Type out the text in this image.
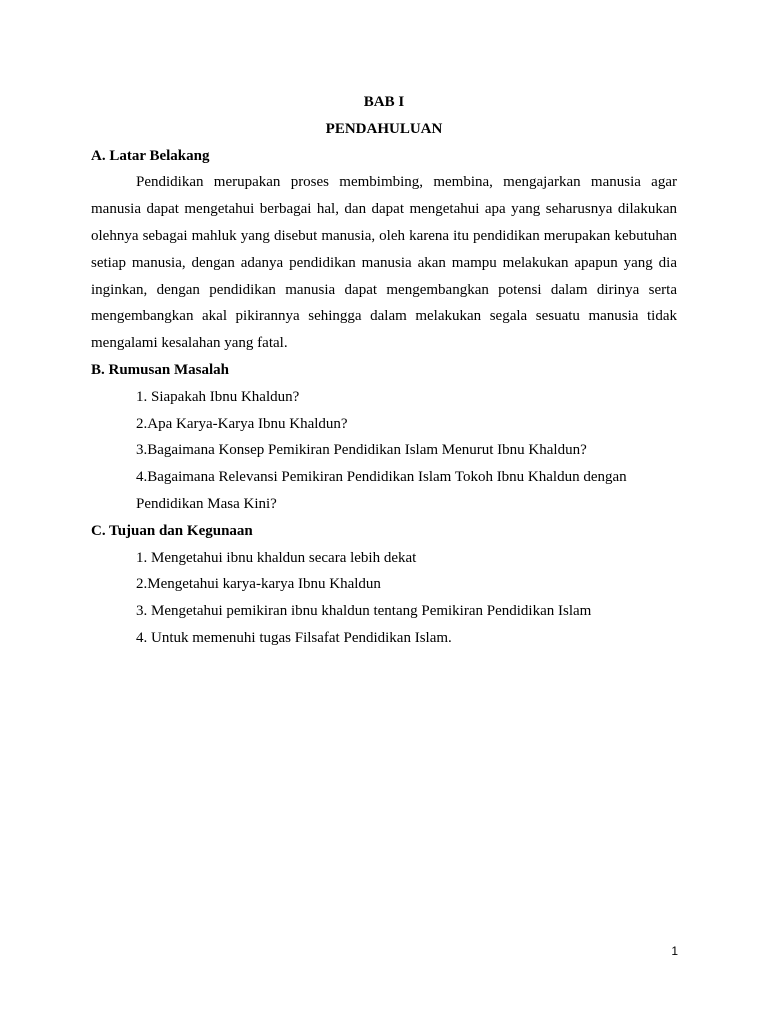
BAB I

PENDAHULUAN

A. Latar Belakang

Pendidikan merupakan proses membimbing, membina, mengajarkan manusia agar manusia dapat mengetahui berbagai hal, dan dapat mengetahui apa yang seharusnya dilakukan olehnya sebagai mahluk yang disebut manusia, oleh karena itu pendidikan merupakan kebutuhan setiap manusia, dengan adanya pendidikan manusia akan mampu melakukan apapun yang dia inginkan, dengan pendidikan manusia dapat mengembangkan potensi dalam dirinya serta mengembangkan akal pikirannya sehingga dalam melakukan segala sesuatu manusia tidak mengalami kesalahan yang fatal.

B. Rumusan Masalah

1. Siapakah Ibnu Khaldun?
2.Apa Karya-Karya Ibnu Khaldun?
3.Bagaimana Konsep Pemikiran Pendidikan Islam Menurut Ibnu Khaldun?
4.Bagaimana Relevansi Pemikiran Pendidikan Islam Tokoh Ibnu Khaldun dengan Pendidikan Masa Kini?

C. Tujuan dan Kegunaan

1. Mengetahui ibnu khaldun secara lebih dekat
2.Mengetahui karya-karya Ibnu Khaldun
3. Mengetahui pemikiran ibnu khaldun tentang Pemikiran Pendidikan Islam
4. Untuk memenuhi tugas Filsafat Pendidikan Islam.
1
